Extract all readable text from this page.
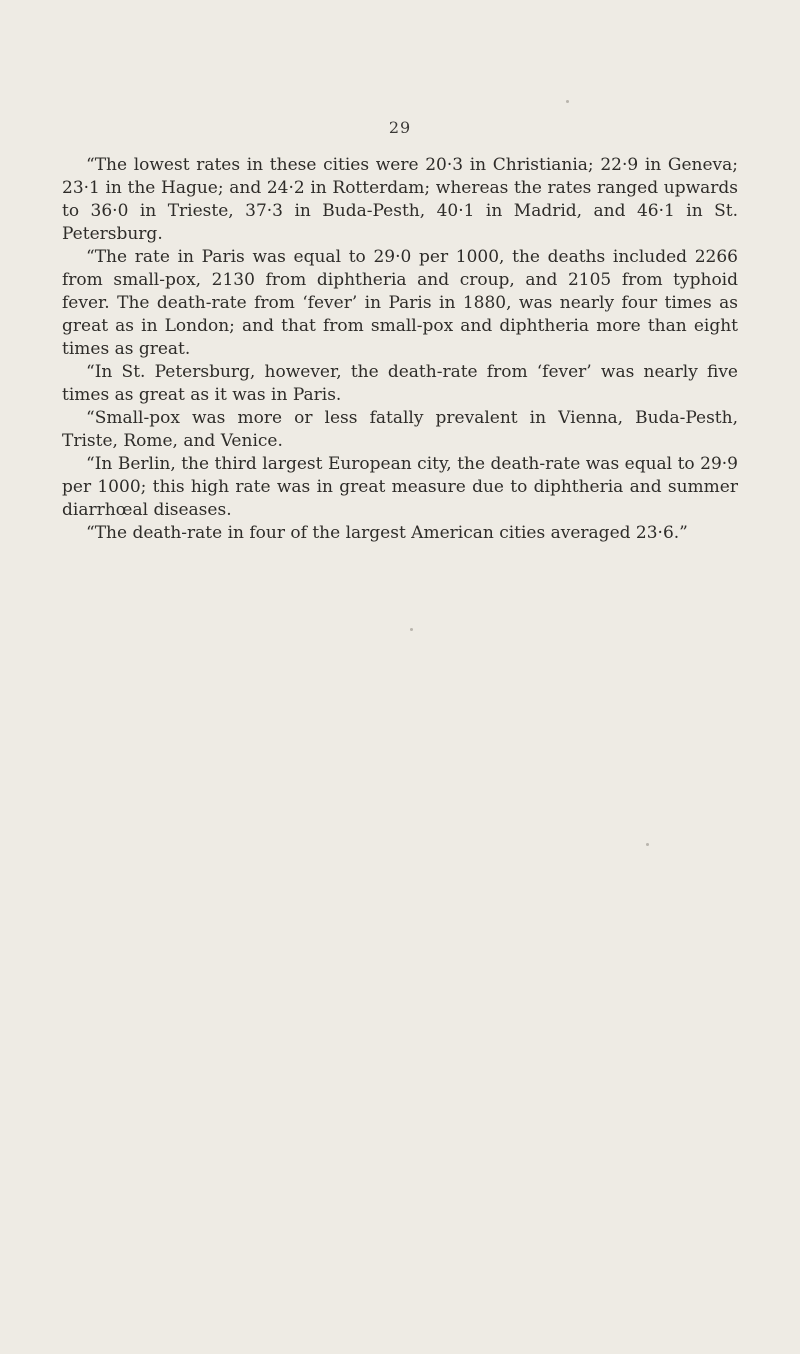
29

“The lowest rates in these cities were 20·3 in Christiania; 22·9 in Geneva; 23·1 in the Hague; and 24·2 in Rotterdam; whereas the rates ranged upwards to 36·0 in Trieste, 37·3 in Buda-Pesth, 40·1 in Madrid, and 46·1 in St. Petersburg.

“The rate in Paris was equal to 29·0 per 1000, the deaths included 2266 from small-pox, 2130 from diphtheria and croup, and 2105 from typhoid fever. The death-rate from ‘fever’ in Paris in 1880, was nearly four times as great as in London; and that from small-pox and diphtheria more than eight times as great.

“In St. Petersburg, however, the death-rate from ‘fever’ was nearly five times as great as it was in Paris.

“Small-pox was more or less fatally prevalent in Vienna, Buda-Pesth, Triste, Rome, and Venice.

“In Berlin, the third largest European city, the death-rate was equal to 29·9 per 1000; this high rate was in great measure due to diphtheria and summer diarrhœal diseases.

“The death-rate in four of the largest American cities averaged 23·6.”
